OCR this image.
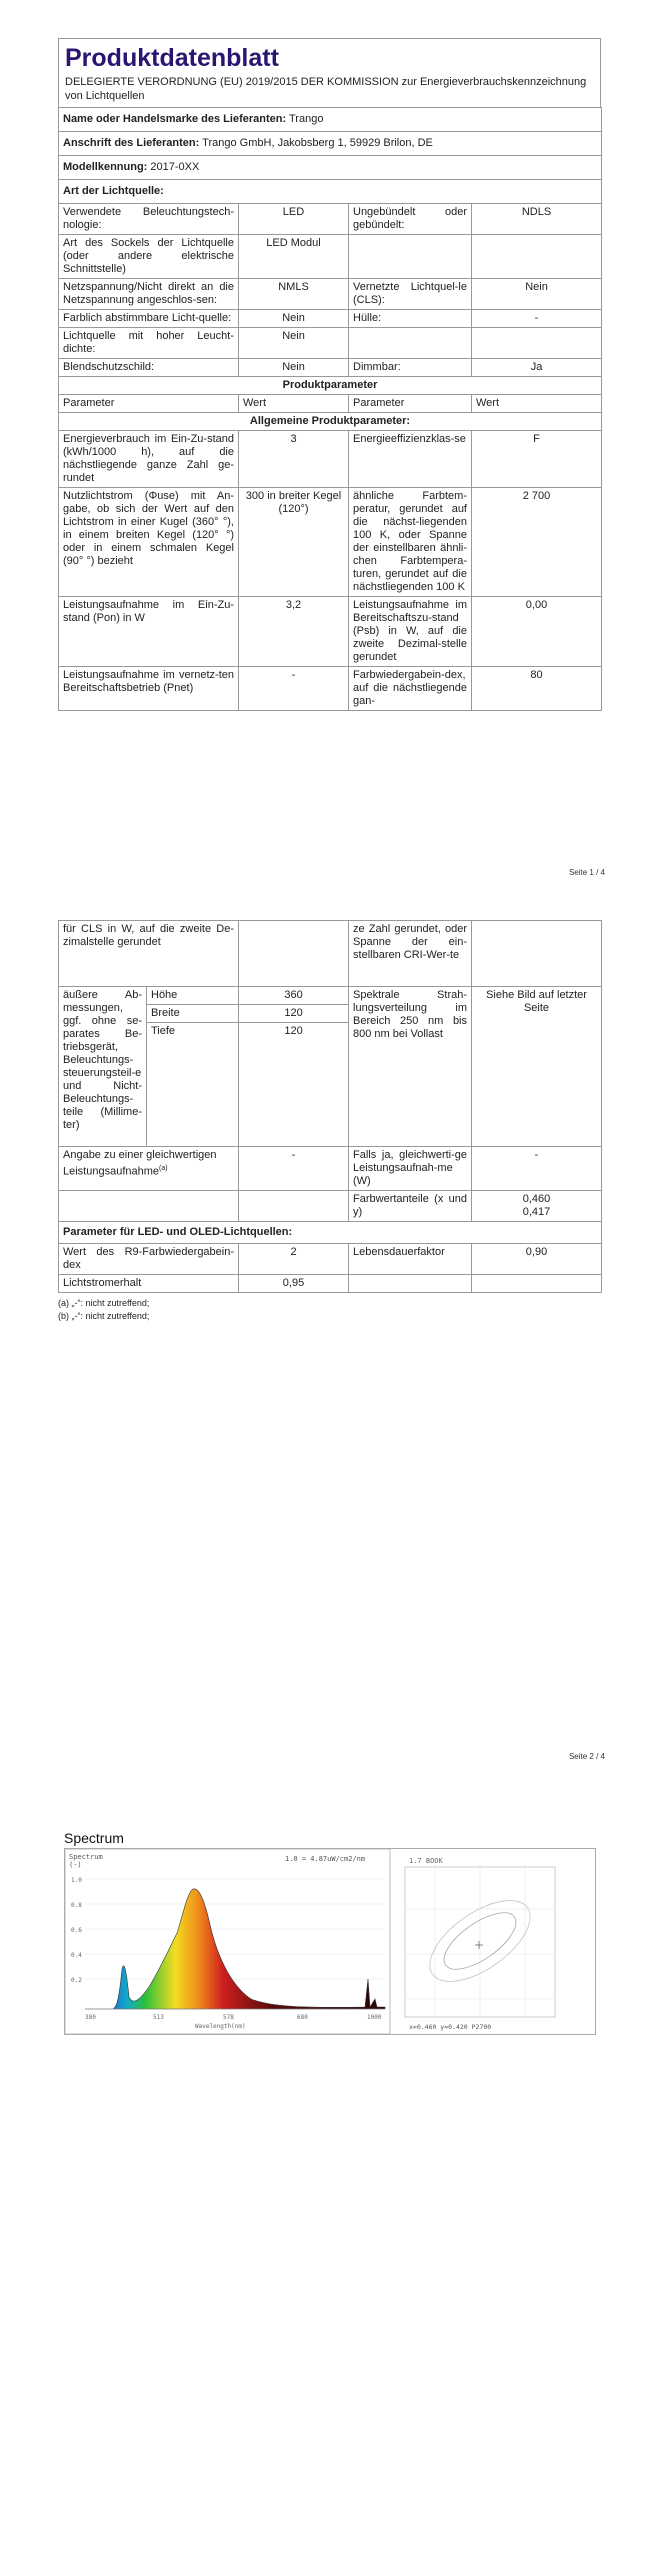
Produktdatenblatt
DELEGIERTE VERORDNUNG (EU) 2019/2015 DER KOMMISSION zur Energieverbrauchskennzeichnung von Lichtquellen
Name oder Handelsmarke des Lieferanten: Trango			
Anschrift des Lieferanten: Trango GmbH, Jakobsberg 1, 59929 Brilon, DE			
Modellkennung: 2017-0XX			
Art der Lichtquelle:			
Verwendete Beleuchtungstech-nologie:	LED	Ungebündelt oder gebündelt:	NDLS
Art des Sockels der Lichtquelle (oder andere elektrische Schnittstelle)	LED Modul		
Netzspannung/Nicht direkt an die Netzspannung angeschlos-sen:	NMLS	Vernetzte Lichtquel-le (CLS):	Nein
Farblich abstimmbare Licht-quelle:	Nein	Hülle:	-
Lichtquelle mit hoher Leucht-dichte:	Nein		
Blendschutzschild:	Nein	Dimmbar:	Ja
Produktparameter			
Parameter	Wert	Parameter	Wert
Allgemeine Produktparameter:			
Energieverbrauch im Ein-Zu-stand (kWh/1000 h), auf die nächstliegende ganze Zahl ge-rundet	3	Energieeffizienzklas-se	F
Nutzlichtstrom (Φuse) mit An-gabe, ob sich der Wert auf den Lichtstrom in einer Kugel (360° °), in einem breiten Kegel (120° °) oder in einem schmalen Kegel (90° °) bezieht	300 in breiter Kegel (120°)	ähnliche Farbtem-peratur, gerundet auf die nächst-liegenden 100 K, oder Spanne der einstellbaren ähnli-chen Farbtempera-turen, gerundet auf die nächstliegenden 100 K	2 700
Leistungsaufnahme im Ein-Zu-stand (Pon) in W	3,2	Leistungsaufnahme im Bereitschaftszu-stand (Psb) in W, auf die zweite Dezimal-stelle gerundet	0,00
Leistungsaufnahme im vernetz-ten Bereitschaftsbetrieb (Pnet)	-	Farbwiedergabein-dex, auf die nächstliegende gan-	80
Seite 1 / 4
für CLS in W, auf die zweite De-zimalstelle gerundet			ze Zahl gerundet, oder Spanne der ein-stellbaren CRI-Wer-te	
äußere Ab-messungen, ggf. ohne se-parates Be-triebsgerät, Beleuchtungs-steuerungsteil-e und Nicht-Beleuchtungs-teile (Millime-ter)	Höhe	360	Spektrale Strah-lungsverteilung im Bereich 250 nm bis 800 nm bei Vollast	Siehe Bild auf letzter Seite
	Breite	120		
	Tiefe	120		
Angabe zu einer gleichwertigen Leistungsaufnahme$^{(a)}$		-	Falls ja, gleichwerti-ge Leistungsaufnah-me (W)	-
			Farbwertanteile (x und y)	0,460
0,417

Parameter für LED- und OLED-Lichtquellen:				
Wert des R9-Farbwiedergabein-dex		2	Lebensdauerfaktor	0,90
Lichtstromerhalt		0,95		
(a) „-“: nicht zutreffend;
(b) „-“: nicht zutreffend;
Seite 2 / 4
Spectrum
Spectrum
(-)
1.0 = 4.87uW/cm2/nm
1.0
0.8
0.6
0.4
0.2
380	513	578	680	1000
Wavelength(nm)
1.7 BOOK
x=0.460 y=0.420 P2700
